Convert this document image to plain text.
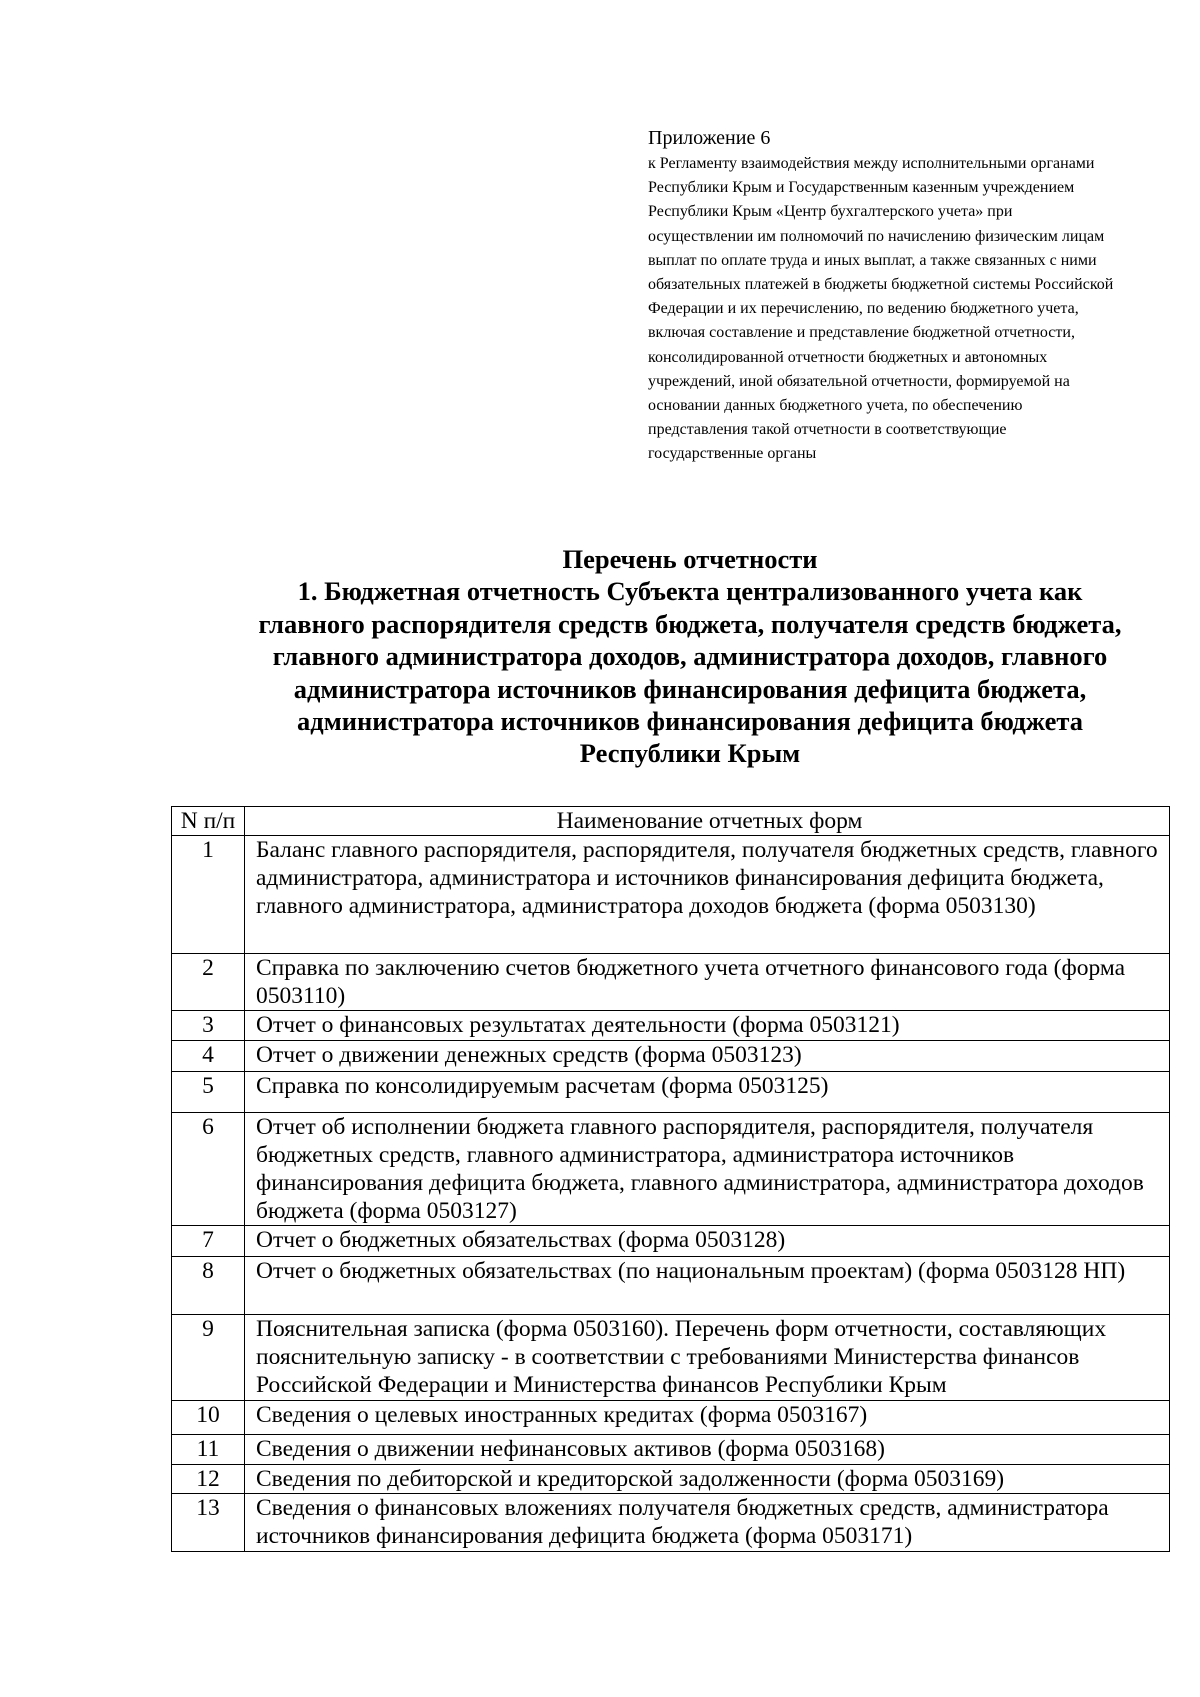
Приложение 6
к Регламенту взаимодействия между исполнительными органами Республики Крым и Государственным казенным учреждением Республики Крым «Центр бухгалтерского учета» при осуществлении им полномочий по начислению физическим лицам выплат по оплате труда и иных выплат, а также связанных с ними обязательных платежей в бюджеты бюджетной системы Российской Федерации и их перечислению, по ведению бюджетного учета, включая составление и представление бюджетной отчетности, консолидированной отчетности бюджетных и автономных учреждений, иной обязательной отчетности, формируемой на основании данных бюджетного учета, по обеспечению представления такой отчетности в соответствующие государственные органы
Перечень отчетности
1. Бюджетная отчетность Субъекта централизованного учета как
главного распорядителя средств бюджета, получателя средств бюджета,
главного администратора доходов, администратора доходов, главного
администратора источников финансирования дефицита бюджета,
администратора источников финансирования дефицита бюджета
Республики Крым
N п/п	Наименование отчетных форм
1	Баланс главного распорядителя, распорядителя, получателя бюджетных средств, главного администратора, администратора и источников финансирования дефицита бюджета, главного администратора, администратора доходов бюджета (форма 0503130)
2	Справка по заключению счетов бюджетного учета отчетного финансового года (форма 0503110)
3	Отчет о финансовых результатах деятельности (форма 0503121)
4	Отчет о движении денежных средств (форма 0503123)
5	Справка по консолидируемым расчетам (форма 0503125)
6	Отчет об исполнении бюджета главного распорядителя, распорядителя, получателя бюджетных средств, главного администратора, администратора источников финансирования дефицита бюджета, главного администратора, администратора доходов бюджета (форма 0503127)
7	Отчет о бюджетных обязательствах (форма 0503128)
8	Отчет о бюджетных обязательствах (по национальным проектам) (форма 0503128 НП)
9	Пояснительная записка (форма 0503160). Перечень форм отчетности, составляющих пояснительную записку - в соответствии с требованиями Министерства финансов Российской Федерации и Министерства финансов Республики Крым
10	Сведения о целевых иностранных кредитах (форма 0503167)
11	Сведения о движении нефинансовых активов (форма 0503168)
12	Сведения по дебиторской и кредиторской задолженности (форма 0503169)
13	Сведения о финансовых вложениях получателя бюджетных средств, администратора источников финансирования дефицита бюджета (форма 0503171)
